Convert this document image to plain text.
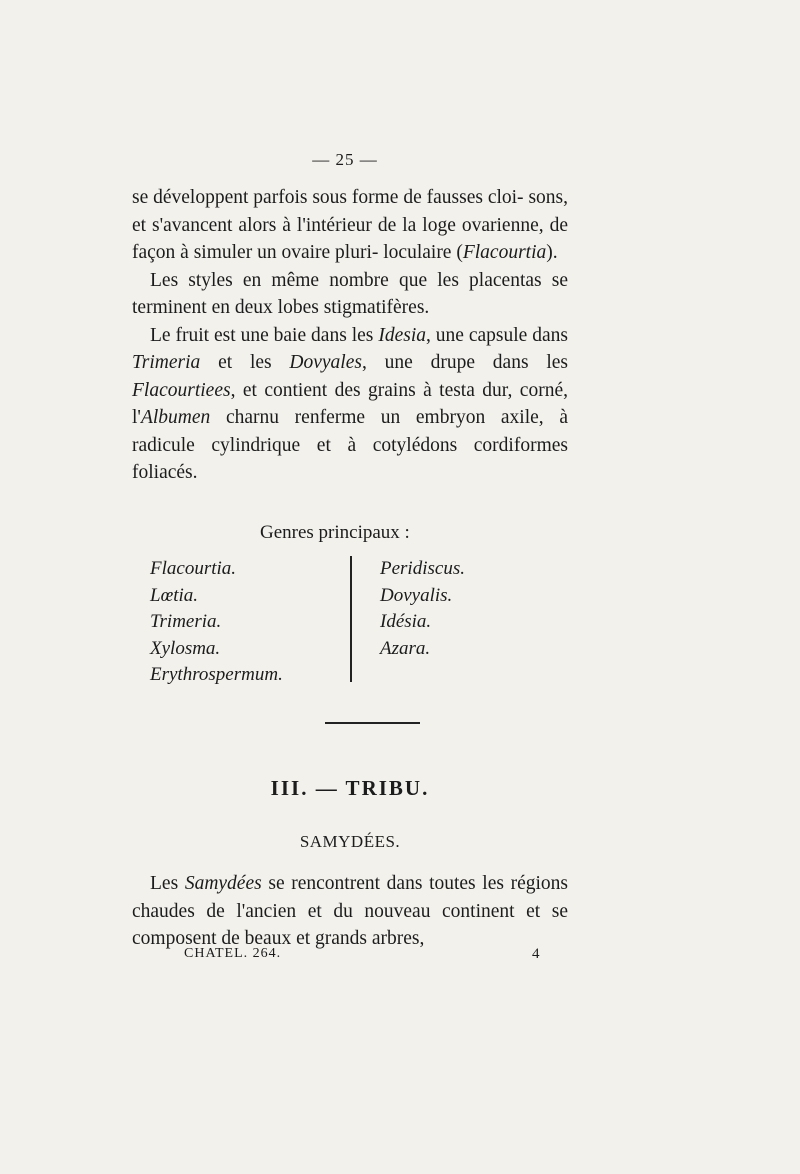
— 25 —

se développent parfois sous forme de fausses cloi- sons, et s'avancent alors à l'intérieur de la loge ovarienne, de façon à simuler un ovaire pluri- loculaire (Flacourtia).

Les styles en même nombre que les placentas se terminent en deux lobes stigmatifères.

Le fruit est une baie dans les Idesia, une capsule dans Trimeria et les Dovyales, une drupe dans les Flacourtiees, et contient des grains à testa dur, corné, l'Albumen charnu renferme un embryon axile, à radicule cylindrique et à cotylédons cordiformes foliacés.

Genres principaux :
Flacourtia.
Lœtia.
Trimeria.
Xylosma.
Erythrospermum.
Peridiscus.
Dovyalis.
Idésia.
Azara.
III. — TRIBU.
SAMYDÉES.

Les Samydées se rencontrent dans toutes les régions chaudes de l'ancien et du nouveau continent et se composent de beaux et grands arbres,

CHATEL. 264.	4
